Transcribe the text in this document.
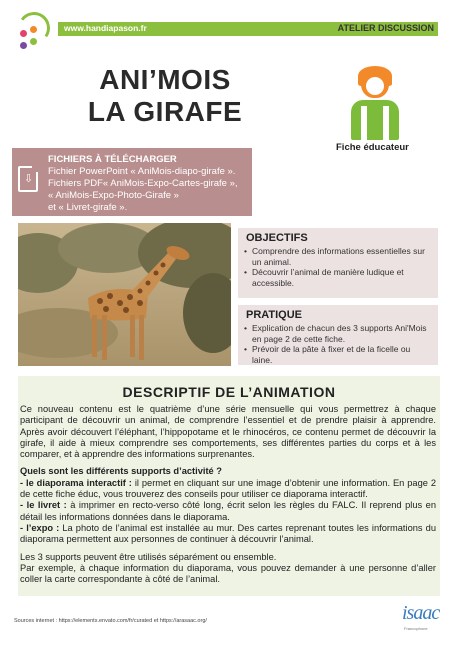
www.handiapason.fr	ATELIER DISCUSSION
ANI’MOIS
LA GIRAFE
Fiche éducateur
⇩
FICHIERS À TÉLÉCHARGER
Fichier PowerPoint « AniMois-diapo-girafe ».
Fichiers PDF« AniMois-Expo-Cartes-girafe »,
« AniMois-Expo-Photo-Girafe »
et « Livret-girafe ».
OBJECTIFS
• Comprendre des informations essentielles sur un animal.
• Découvrir l’animal de manière ludique et accessible.
PRATIQUE
• Explication de chacun des 3 supports Ani'Mois en page 2 de cette fiche.
• Prévoir de la pâte à fixer et de la ficelle ou laine.
DESCRIPTIF DE L’ANIMATION

Ce nouveau contenu est le quatrième d’une série mensuelle qui vous permettrez à chaque participant de découvrir un animal, de comprendre l’essentiel et de prendre plaisir à apprendre. Après avoir découvert l’éléphant, l’hippopotame et le rhinocéros, ce contenu permet de découvrir la girafe, il aide à mieux comprendre ses comportements, ses différentes parties du corps et à les comparer, et à apprendre des informations surprenantes.

Quels sont les différents supports d’activité ?

- le diaporama interactif : il permet en cliquant sur une image d’obtenir une information. En page 2 de cette fiche éduc, vous trouverez des conseils pour utiliser ce diaporama interactif.

- le livret : à imprimer en recto-verso côté long, écrit selon les règles du FALC. Il reprend plus en détail les informations données dans le diaporama.

- l’expo : La photo de l’animal est installée au mur. Des cartes reprenant toutes les informations du diaporama permettent aux personnes de continuer à découvrir l’animal.

Les 3 supports peuvent être utilisés séparément ou ensemble.

Par exemple, à chaque information du diaporama, vous pouvez demander à une personne d’aller coller la carte correspondante à côté de l’animal.

Sources internet : https://elements.envato.com/fr/curated et https://arasaac.org/	isaac
Francophone
